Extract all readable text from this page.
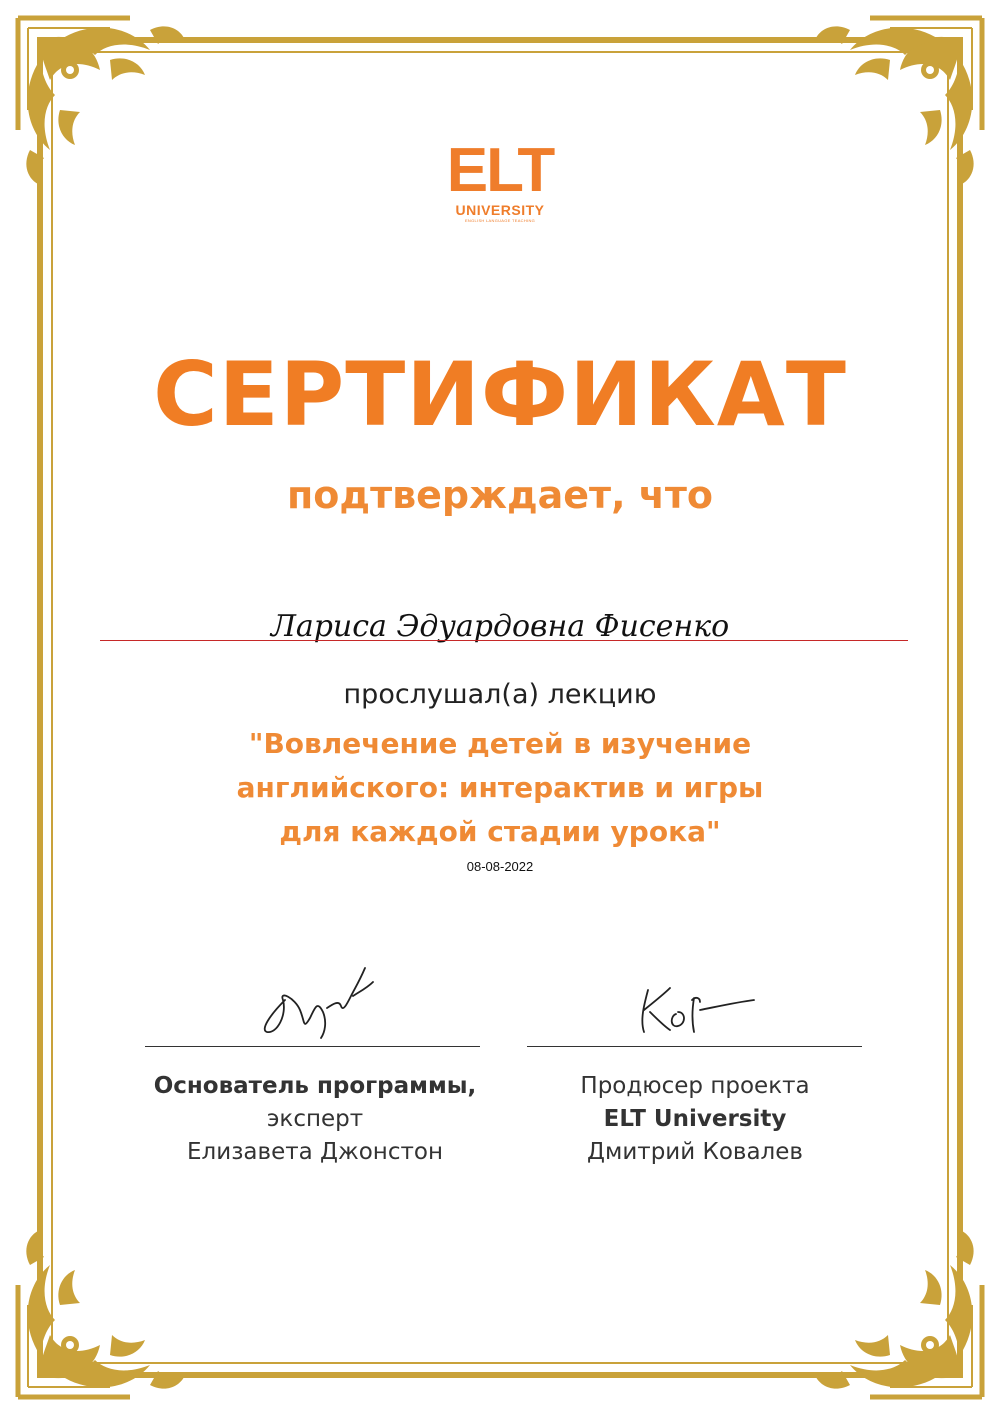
ELT
UNIVERSITY
ENGLISH LANGUAGE TEACHING
СЕРТИФИКАТ
подтверждает, что
Лариса Эдуардовна Фисенко
прослушал(а) лекцию
"Вовлечение детей в изучение
английского: интерактив и игры
для каждой стадии урока"
08-08-2022
Основатель программы, эксперт
Елизавета Джонстон
Продюсер проекта
ELT University
Дмитрий Ковалев
